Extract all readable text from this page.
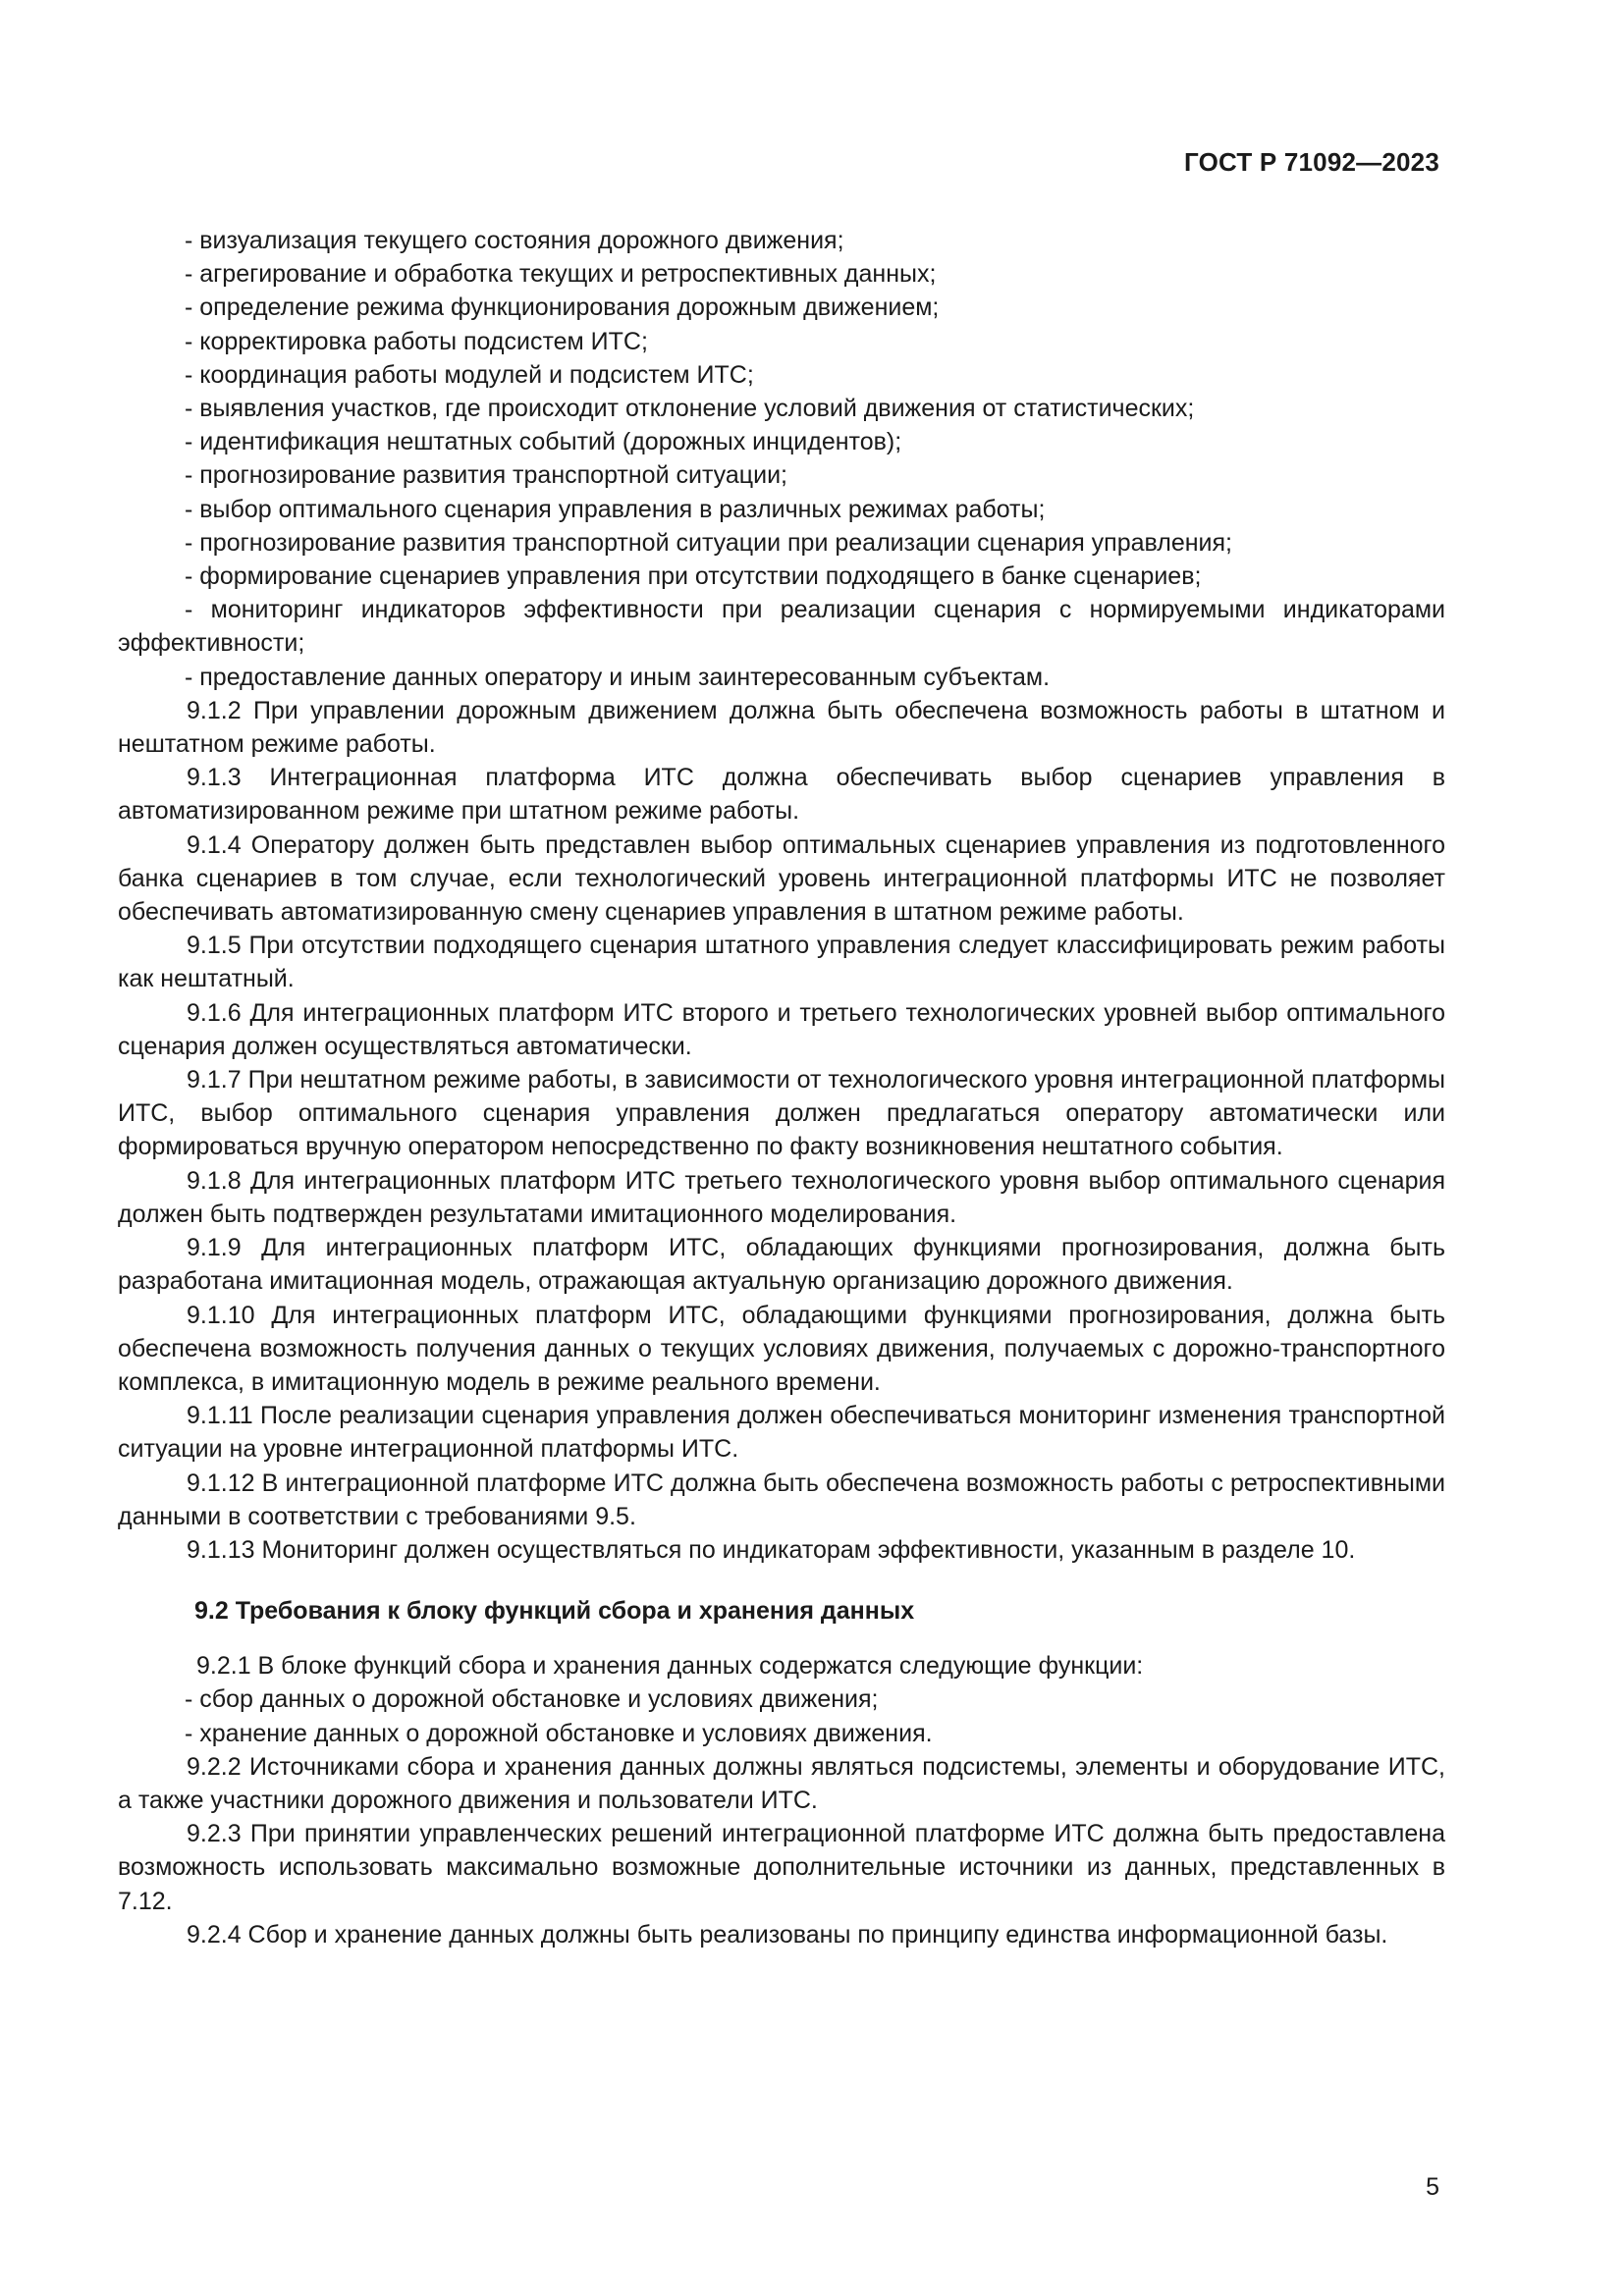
ГОСТ Р 71092—2023

- визуализация текущего состояния дорожного движения;

- агрегирование и обработка текущих и ретроспективных данных;

- определение режима функционирования дорожным движением;

- корректировка работы подсистем ИТС;

- координация работы модулей и подсистем ИТС;

- выявления участков, где происходит отклонение условий движения от статистических;

- идентификация нештатных событий (дорожных инцидентов);

- прогнозирование развития транспортной ситуации;

- выбор оптимального сценария управления в различных режимах работы;

- прогнозирование развития транспортной ситуации при реализации сценария управления;

- формирование сценариев управления при отсутствии подходящего в банке сценариев;

- мониторинг индикаторов эффективности при реализации сценария с нормируемыми индикаторами эффективности;

- предоставление данных оператору и иным заинтересованным субъектам.

9.1.2 При управлении дорожным движением должна быть обеспечена возможность работы в штатном и нештатном режиме работы.

9.1.3 Интеграционная платформа ИТС должна обеспечивать выбор сценариев управления в автоматизированном режиме при штатном режиме работы.

9.1.4 Оператору должен быть представлен выбор оптимальных сценариев управления из подготовленного банка сценариев в том случае, если технологический уровень интеграционной платформы ИТС не позволяет обеспечивать автоматизированную смену сценариев управления в штатном режиме работы.

9.1.5 При отсутствии подходящего сценария штатного управления следует классифицировать режим работы как нештатный.

9.1.6 Для интеграционных платформ ИТС второго и третьего технологических уровней выбор оптимального сценария должен осуществляться автоматически.

9.1.7 При нештатном режиме работы, в зависимости от технологического уровня интеграционной платформы ИТС, выбор оптимального сценария управления должен предлагаться оператору автоматически или формироваться вручную оператором непосредственно по факту возникновения нештатного события.

9.1.8 Для интеграционных платформ ИТС третьего технологического уровня выбор оптимального сценария должен быть подтвержден результатами имитационного моделирования.

9.1.9 Для интеграционных платформ ИТС, обладающих функциями прогнозирования, должна быть разработана имитационная модель, отражающая актуальную организацию дорожного движения.

9.1.10 Для интеграционных платформ ИТС, обладающими функциями прогнозирования, должна быть обеспечена возможность получения данных о текущих условиях движения, получаемых с дорожно-транспортного комплекса, в имитационную модель в режиме реального времени.

9.1.11 После реализации сценария управления должен обеспечиваться мониторинг изменения транспортной ситуации на уровне интеграционной платформы ИТС.

9.1.12 В интеграционной платформе ИТС должна быть обеспечена возможность работы с ретроспективными данными в соответствии с требованиями 9.5.

9.1.13 Мониторинг должен осуществляться по индикаторам эффективности, указанным в разделе 10.

9.2 Требования к блоку функций сбора и хранения данных

9.2.1 В блоке функций сбора и хранения данных содержатся следующие функции:

- сбор данных о дорожной обстановке и условиях движения;

- хранение данных о дорожной обстановке и условиях движения.

9.2.2 Источниками сбора и хранения данных должны являться подсистемы, элементы и оборудование ИТС, а также участники дорожного движения и пользователи ИТС.

9.2.3 При принятии управленческих решений интеграционной платформе ИТС должна быть предоставлена возможность использовать максимально возможные дополнительные источники из данных, представленных в 7.12.

9.2.4 Сбор и хранение данных должны быть реализованы по принципу единства информационной базы.

5
